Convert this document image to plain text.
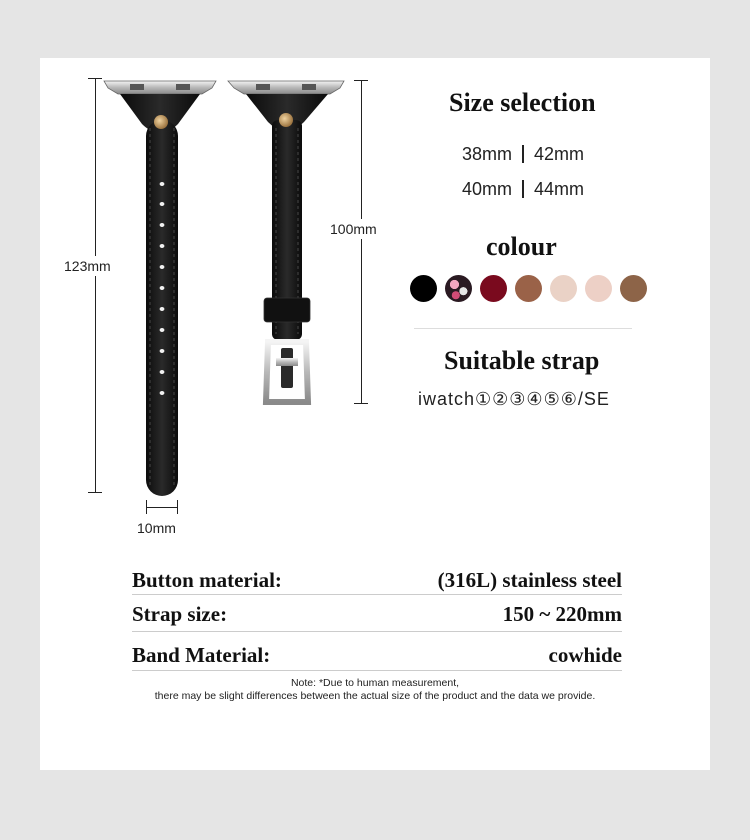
123mm
100mm
10mm
Size selection
38mm 42mm
40mm 44mm
colour
Suitable strap
iwatch①②③④⑤⑥/SE
Button material:	(316L) stainless steel
Strap size:	150 ~ 220mm
Band Material:	cowhide
Note: *Due to human measurement,
there may be slight differences between the actual size of the product and the data we provide.
